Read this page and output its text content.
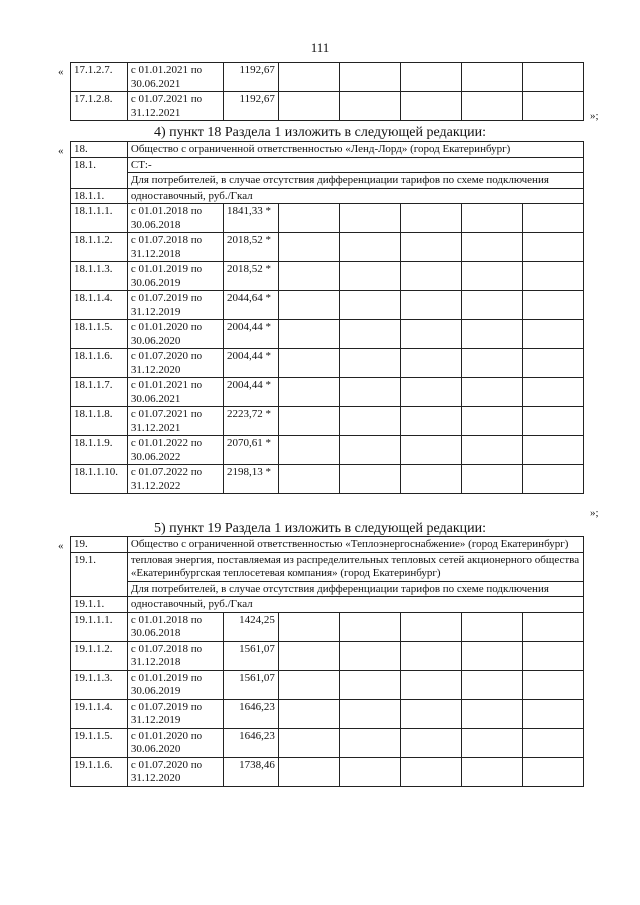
111
« 17.1.2.7.	с 01.01.2021 по 30.06.2021	1192,67					
17.1.2.8.	с 01.07.2021 по 31.12.2021	1192,67					
»;
4) пункт 18 Раздела 1 изложить в следующей редакции:
« 18.	Общество с ограниченной ответственностью «Ленд-Лорд» (город Екатеринбург)						
18.1.	СТ:-						
	Для потребителей, в случае отсутствия дифференциации тарифов по схеме подключения						
18.1.1.	одноставочный, руб./Гкал						
18.1.1.1.	с 01.01.2018 по 30.06.2018	1841,33 *					
18.1.1.2.	с 01.07.2018 по 31.12.2018	2018,52 *					
18.1.1.3.	с 01.01.2019 по 30.06.2019	2018,52 *					
18.1.1.4.	с 01.07.2019 по 31.12.2019	2044,64 *					
18.1.1.5.	с 01.01.2020 по 30.06.2020	2004,44 *					
18.1.1.6.	с 01.07.2020 по 31.12.2020	2004,44 *					
18.1.1.7.	с 01.01.2021 по 30.06.2021	2004,44 *					
18.1.1.8.	с 01.07.2021 по 31.12.2021	2223,72 *					
18.1.1.9.	с 01.01.2022 по 30.06.2022	2070,61 *					
18.1.1.10.	с 01.07.2022 по 31.12.2022	2198,13 *					
»;
5) пункт 19 Раздела 1 изложить в следующей редакции:
« 19.	Общество с ограниченной ответственностью «Теплоэнергоснабжение» (город Екатеринбург)						
19.1.	тепловая энергия, поставляемая из распределительных тепловых сетей акционерного общества «Екатеринбургская теплосетевая компания» (город Екатеринбург)						
	Для потребителей, в случае отсутствия дифференциации тарифов по схеме подключения						
19.1.1.	одноставочный, руб./Гкал						
19.1.1.1.	с 01.01.2018 по 30.06.2018	1424,25					
19.1.1.2.	с 01.07.2018 по 31.12.2018	1561,07					
19.1.1.3.	с 01.01.2019 по 30.06.2019	1561,07					
19.1.1.4.	с 01.07.2019 по 31.12.2019	1646,23					
19.1.1.5.	с 01.01.2020 по 30.06.2020	1646,23					
19.1.1.6.	с 01.07.2020 по 31.12.2020	1738,46					
